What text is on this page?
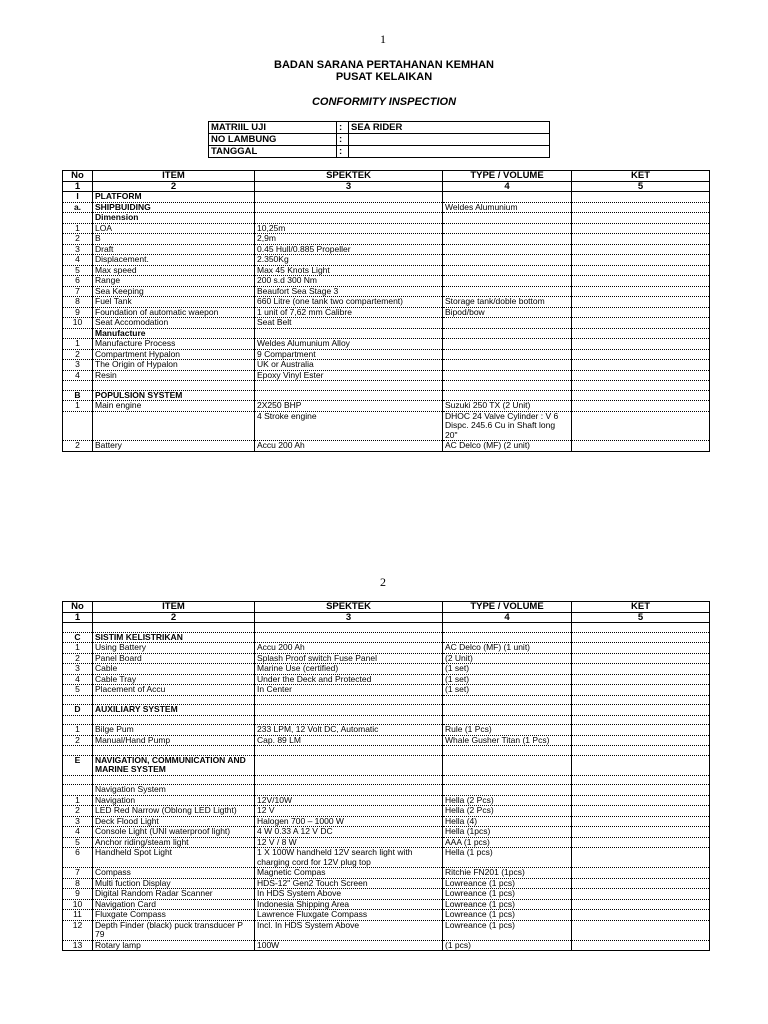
1
BADAN SARANA PERTAHANAN KEMHAN
PUSAT KELAIKAN
CONFORMITY INSPECTION
MATRIIL UJI	:	SEA RIDER
NO LAMBUNG	:	
TANGGAL	:	
No	ITEM	SPEKTEK	TYPE / VOLUME	KET
1	2	3	4	5
I	PLATFORM			
a.	SHIPBUIDING		Weldes Alumunium	
	Dimension			
1	LOA	10,25m		
2	B	2,9m		
3	Draft	0.45 Hull/0.885 Propeller		
4	Displacement.	2.350Kg		
5	Max speed	Max 45 Knots Light		
6	Range	200 s.d 300 Nm		
7	Sea Keeping	Beaufort Sea Stage 3		
8	Fuel Tank	660 Litre (one tank two compartement)	Storage tank/doble bottom	
9	Foundation of automatic waepon	1 unit of 7,62 mm Calibre	Bipod/bow	
10	Seat Accomodation	Seat Belt		
	Manufacture			
1	Manufacture Process	Weldes Alumunium Alloy		
2	Compartment Hypalon	9 Compartment		
3	The Origin of Hypalon	UK or Australia		
4	Resin	Epoxy Vinyl Ester		

B	POPULSION SYSTEM			
1	Main engine	2X250 BHP	Suzuki 250 TX (2 Unit)	
		4 Stroke engine	DHOC 24 Valve Cylinder : V 6 Dispc. 245.6 Cu in Shaft long 20"	
2	Battery	Accu 200 Ah	AC Delco (MF) (2 unit)	
2
No	ITEM	SPEKTEK	TYPE / VOLUME	KET
1	2	3	4	5

C	SISTIM KELISTRIKAN			
1	Using Battery	Accu 200 Ah	AC Delco (MF) (1 unit)	
2	Panel Board	Splash Proof switch Fuse Panel	(2 Unit)	
3	Cable	Marine Use (certified)	(1 set)	
4	Cable Tray	Under the Deck and Protected	(1 set)	
5	Placement of Accu	In Center	(1 set)	

D	AUXILIARY SYSTEM			

1	Bilge Pum	233 LPM, 12 Volt DC, Automatic	Rule (1 Pcs)	
2	Manual/Hand Pump	Cap. 89 LM	Whale Gusher Titan (1 Pcs)	

E	NAVIGATION, COMMUNICATION AND MARINE SYSTEM			

	Navigation System			
1	Navigation	12V/10W	Hella (2 Pcs)	
2	LED Red Narrow (Oblong LED Ligtht)	12 V	Hella (2 Pcs)	
3	Deck Flood Light	Halogen 700 – 1000 W	Hella (4)	
4	Console Light (UNI waterproof light)	4 W 0.33 A 12 V DC	Hella (1pcs)	
5	Anchor riding/steam light	12 V / 8 W	AAA (1 pcs)	
6	Handheld Spot Light	1 X 100W handheld 12V search light with charging cord for 12V plug top	Hella (1 pcs)	
7	Compass	Magnetic Compas	Ritchie FN201 (1pcs)	
8	Multi fuction Display	HDS-12" Gen2 Touch Screen	Lowreance (1 pcs)	
9	Digital Random Radar Scanner	In HDS System Above	Lowreance (1 pcs)	
10	Navigation Card	Indonesia Shipping Area	Lowreance (1 pcs)	
11	Fluxgate Compass	Lawrence Fluxgate Compass	Lowreance (1 pcs)	
12	Depth Finder (black) puck transducer P 79	Incl. In HDS System Above	Lowreance (1 pcs)	
13	Rotary lamp	100W	(1 pcs)	
